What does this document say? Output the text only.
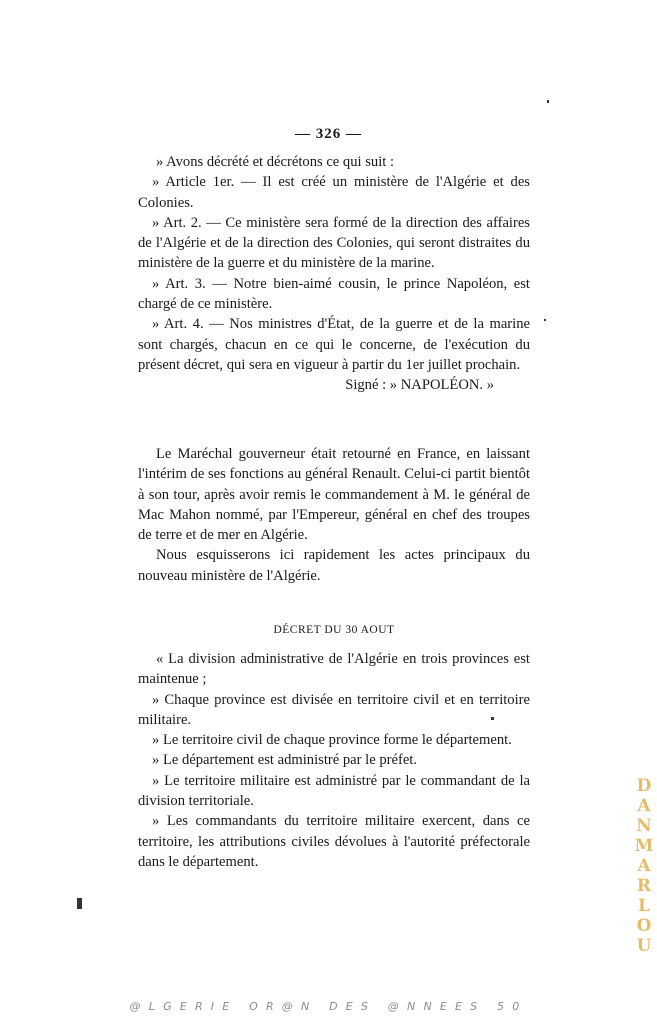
— 326 —

» Avons décrété et décrétons ce qui suit :

» Article 1er. — Il est créé un ministère de l'Algérie et des Colonies.

» Art. 2. — Ce ministère sera formé de la direction des affaires de l'Algérie et de la direction des Colonies, qui seront distraites du ministère de la guerre et du ministère de la marine.

» Art. 3. — Notre bien-aimé cousin, le prince Napoléon, est chargé de ce ministère.

» Art. 4. — Nos ministres d'État, de la guerre et de la marine sont chargés, chacun en ce qui le concerne, de l'exécution du présent décret, qui sera en vigueur à partir du 1er juillet prochain.

Signé : » NAPOLÉON. »

Le Maréchal gouverneur était retourné en France, en laissant l'intérim de ses fonctions au général Renault. Celui-ci partit bientôt à son tour, après avoir remis le commandement à M. le général de Mac Mahon nommé, par l'Empereur, général en chef des troupes de terre et de mer en Algérie.

Nous esquisserons ici rapidement les actes principaux du nouveau ministère de l'Algérie.

DÉCRET DU 30 AOUT

« La division administrative de l'Algérie en trois provinces est maintenue ;

» Chaque province est divisée en territoire civil et en territoire militaire.

» Le territoire civil de chaque province forme le département.

» Le département est administré par le préfet.

» Le territoire militaire est administré par le commandant de la division territoriale.

» Les commandants du territoire militaire exercent, dans ce territoire, les attributions civiles dévolues à l'autorité préfectorale dans le département.

D
A
N
M
A
R
L
O
U
@LGERIE OR@N DES @NNEES 50
